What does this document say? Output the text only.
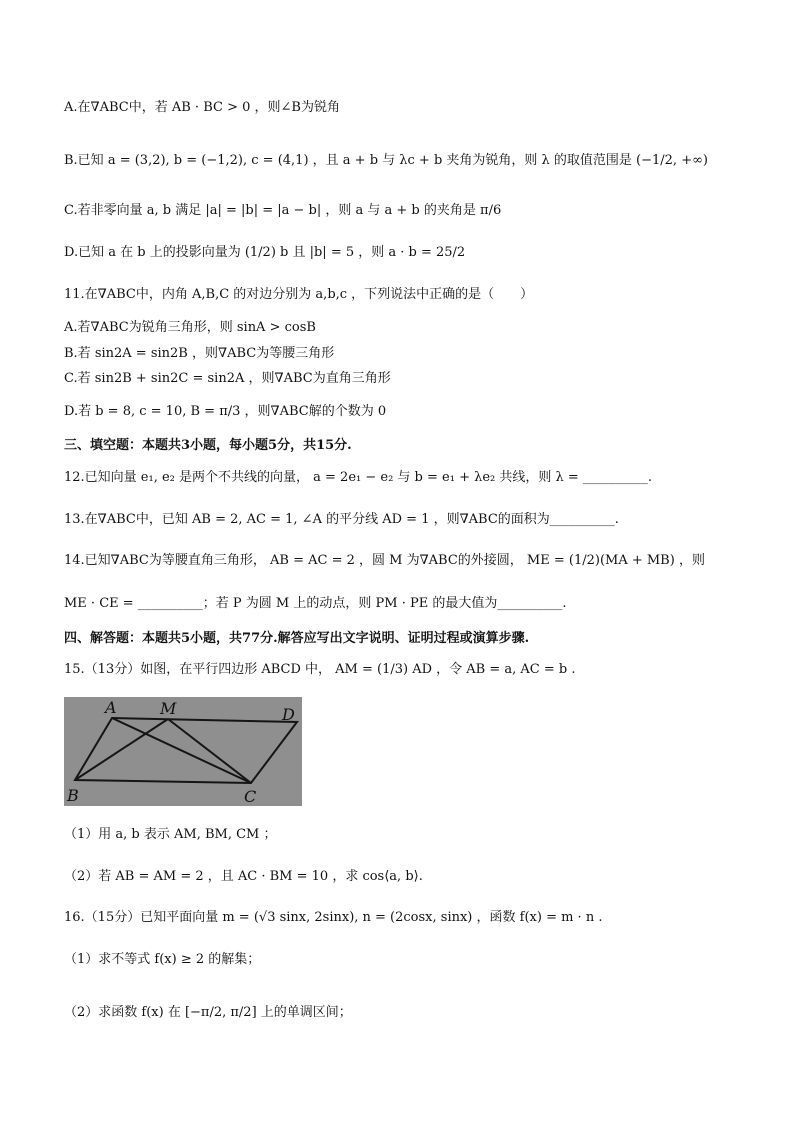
A.在∇ABC中，若 AB · BC > 0 ，则∠B为锐角
B.已知 a = (3,2), b = (−1,2), c = (4,1) ，且 a + b 与 λc + b 夹角为锐角，则 λ 的取值范围是 (−1/2, +∞)
C.若非零向量 a, b 满足 |a| = |b| = |a − b| ，则 a 与 a + b 的夹角是 π/6
D.已知 a 在 b 上的投影向量为 (1/2) b 且 |b| = 5 ，则 a · b = 25/2
11.在∇ABC中，内角 A,B,C 的对边分别为 a,b,c ，下列说法中正确的是（　　）
A.若∇ABC为锐角三角形，则 sinA > cosB
B.若 sin2A = sin2B ，则∇ABC为等腰三角形
C.若 sin2B + sin2C = sin2A ，则∇ABC为直角三角形
D.若 b = 8, c = 10, B = π/3 ，则∇ABC解的个数为 0
三、填空题：本题共3小题，每小题5分，共15分.
12.已知向量 e₁, e₂ 是两个不共线的向量， a = 2e₁ − e₂ 与 b = e₁ + λe₂ 共线，则 λ = __________.
13.在∇ABC中，已知 AB = 2, AC = 1, ∠A 的平分线 AD = 1 ，则∇ABC的面积为__________.
14.已知∇ABC为等腰直角三角形， AB = AC = 2 ，圆 M 为∇ABC的外接圆， ME = (1/2)(MA + MB) ，则
ME · CE = __________；若 P 为圆 M 上的动点，则 PM · PE 的最大值为__________.
四、解答题：本题共5小题，共77分.解答应写出文字说明、证明过程或演算步骤.
15.（13分）如图，在平行四边形 ABCD 中， AM = (1/3) AD ，令 AB = a, AC = b .
A	M	D
B	C
（1）用 a, b 表示 AM, BM, CM ；
（2）若 AB = AM = 2 ，且 AC · BM = 10 ，求 cos⟨a, b⟩.
16.（15分）已知平面向量 m = (√3 sinx, 2sinx), n = (2cosx, sinx) ，函数 f(x) = m · n .
（1）求不等式 f(x) ≥ 2 的解集；
（2）求函数 f(x) 在 [−π/2, π/2] 上的单调区间；
